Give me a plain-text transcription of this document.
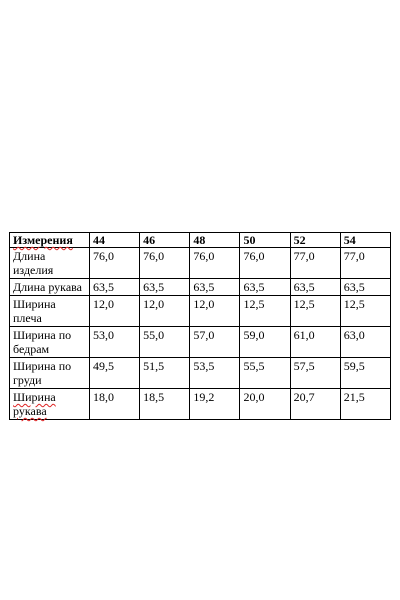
Измерения	44	46	48	50	52	54
Длина изделия	76,0	76,0	76,0	76,0	77,0	77,0
Длина рукава	63,5	63,5	63,5	63,5	63,5	63,5
Ширина плеча	12,0	12,0	12,0	12,5	12,5	12,5
Ширина по бедрам	53,0	55,0	57,0	59,0	61,0	63,0
Ширина по груди	49,5	51,5	53,5	55,5	57,5	59,5
Ширина рукава	18,0	18,5	19,2	20,0	20,7	21,5
